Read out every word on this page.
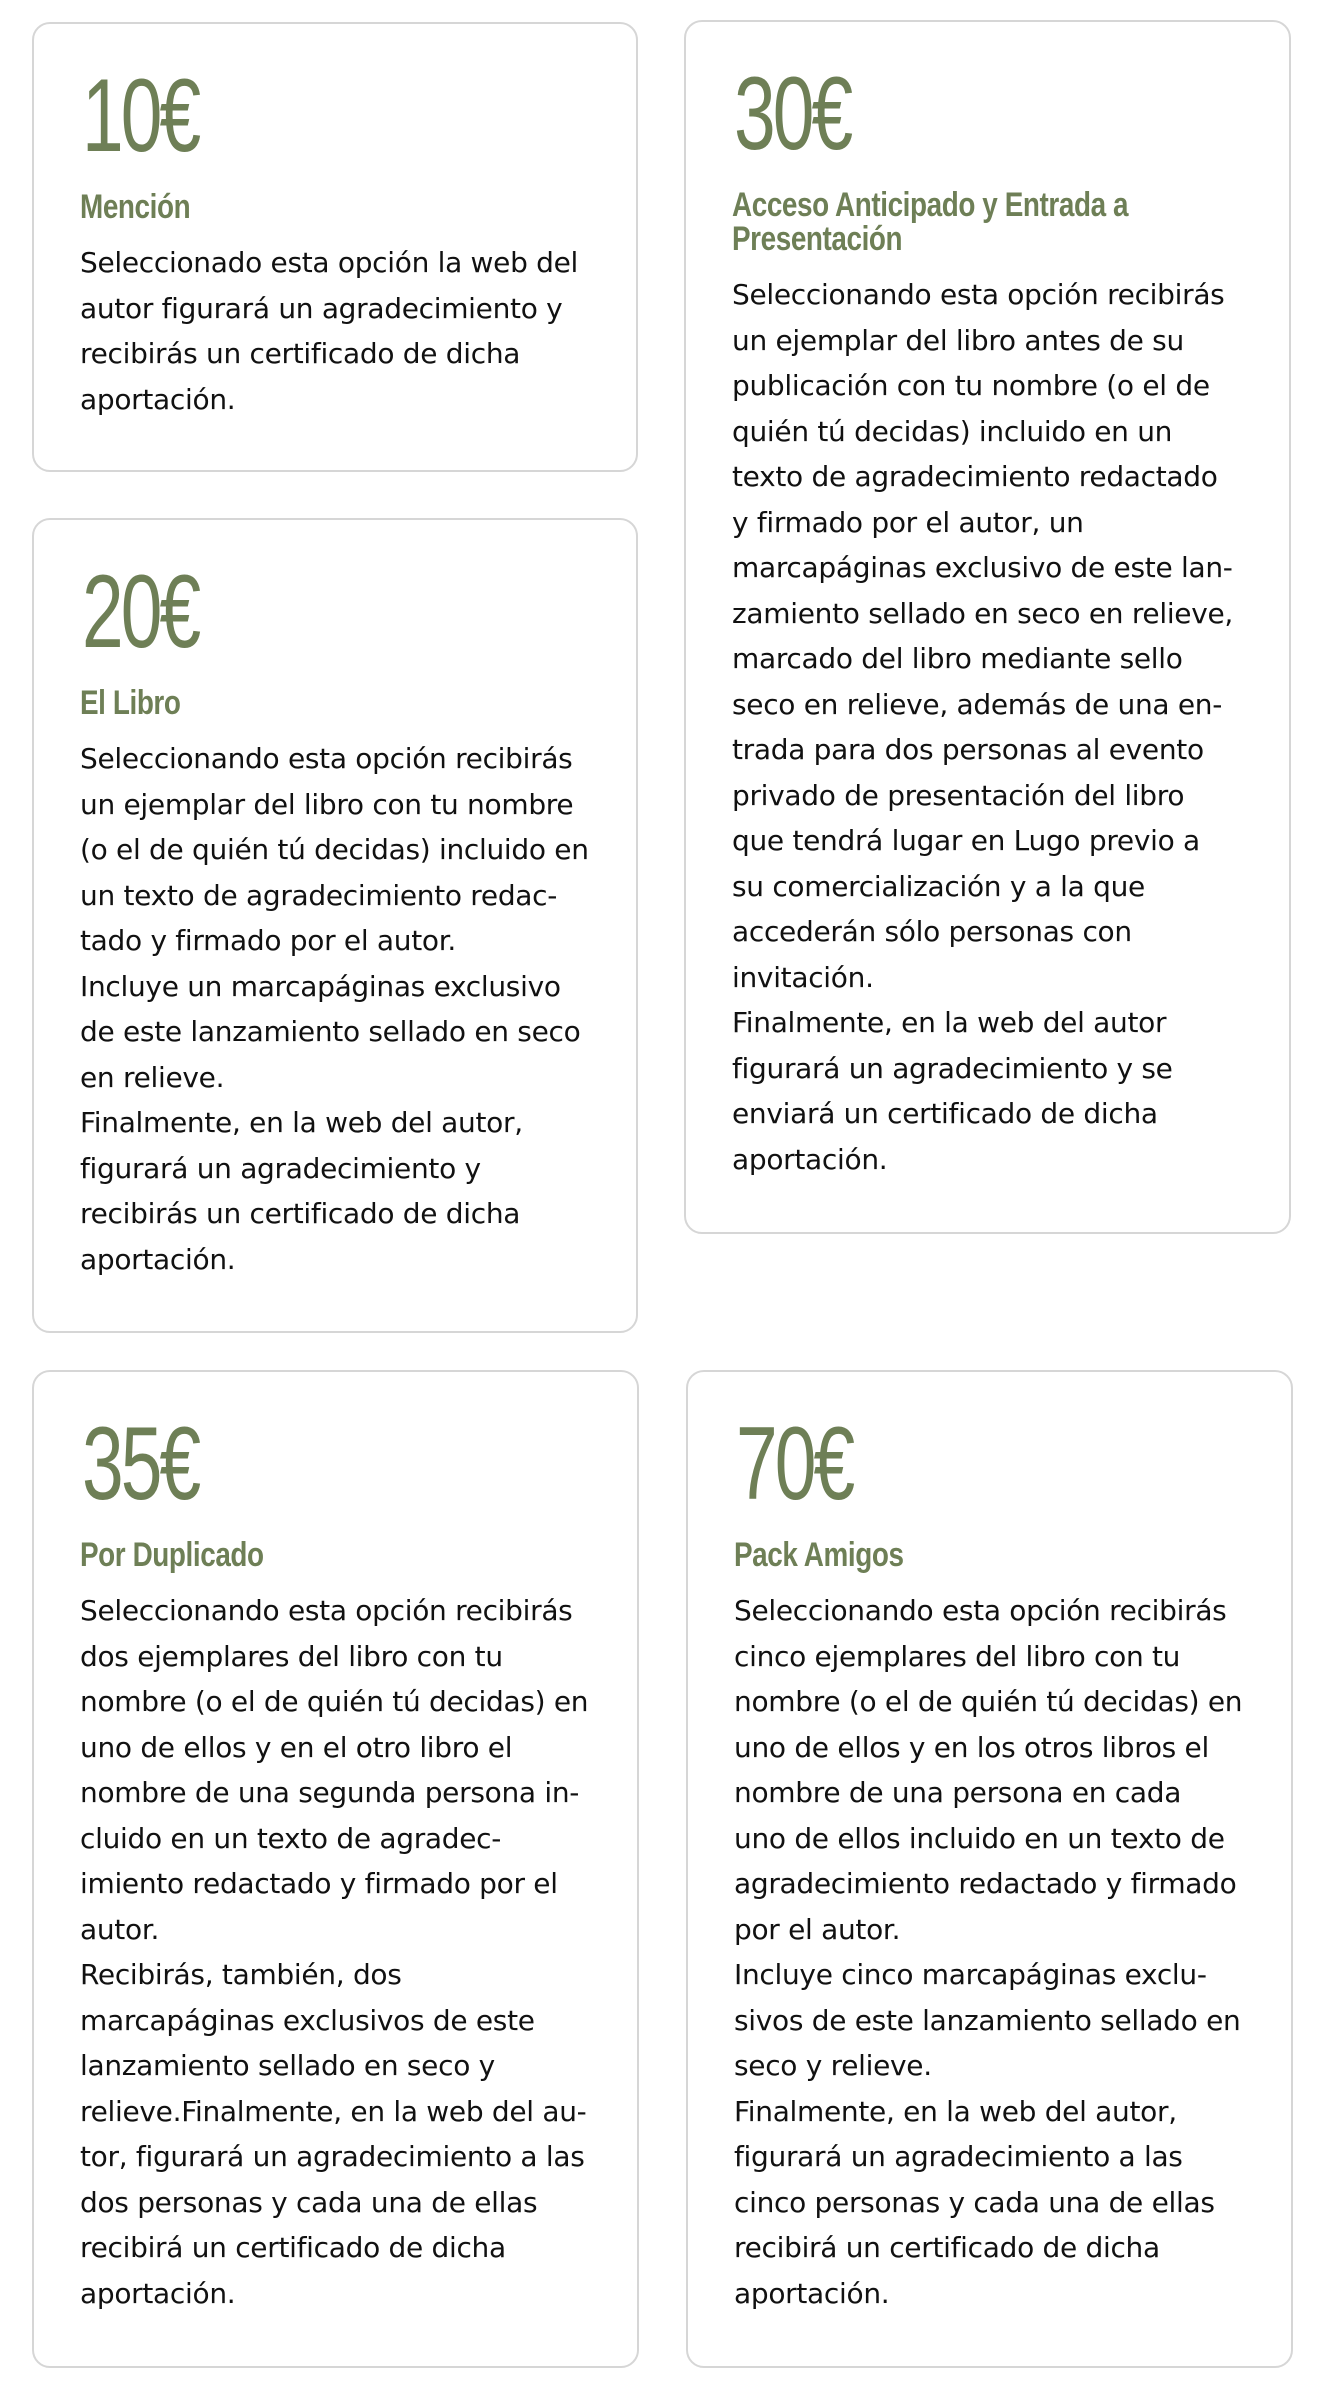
10€
Mención
Seleccionado esta opción la web del
autor figurará un agradecimiento y
recibirás un certificado de dicha
aportación.
20€
El Libro
Seleccionando esta opción recibirás
un ejemplar del libro con tu nombre
(o el de quién tú decidas) incluido en
un texto de agradecimiento redac-
tado y firmado por el autor.
Incluye un marcapáginas exclusivo
de este lanzamiento sellado en seco
en relieve.
Finalmente, en la web del autor,
figurará un agradecimiento y
recibirás un certificado de dicha
aportación.
30€
Acceso Anticipado y Entrada a
Presentación
Seleccionando esta opción recibirás
un ejemplar del libro antes de su
publicación con tu nombre (o el de
quién tú decidas) incluido en un
texto de agradecimiento redactado
y firmado por el autor, un
marcapáginas exclusivo de este lan-
zamiento sellado en seco en relieve,
marcado del libro mediante sello
seco en relieve, además de una en-
trada para dos personas al evento
privado de presentación del libro
que tendrá lugar en Lugo previo a
su comercialización y a la que
accederán sólo personas con
invitación.
Finalmente, en la web del autor
figurará un agradecimiento y se
enviará un certificado de dicha
aportación.
35€
Por Duplicado
Seleccionando esta opción recibirás
dos ejemplares del libro con tu
nombre (o el de quién tú decidas) en
uno de ellos y en el otro libro el
nombre de una segunda persona in-
cluido en un texto de agradec-
imiento redactado y firmado por el
autor.
Recibirás, también, dos
marcapáginas exclusivos de este
lanzamiento sellado en seco y
relieve.Finalmente, en la web del au-
tor, figurará un agradecimiento a las
dos personas y cada una de ellas
recibirá un certificado de dicha
aportación.
70€
Pack Amigos
Seleccionando esta opción recibirás
cinco ejemplares del libro con tu
nombre (o el de quién tú decidas) en
uno de ellos y en los otros libros el
nombre de una persona en cada
uno de ellos incluido en un texto de
agradecimiento redactado y firmado
por el autor.
Incluye cinco marcapáginas exclu-
sivos de este lanzamiento sellado en
seco y relieve.
Finalmente, en la web del autor,
figurará un agradecimiento a las
cinco personas y cada una de ellas
recibirá un certificado de dicha
aportación.
